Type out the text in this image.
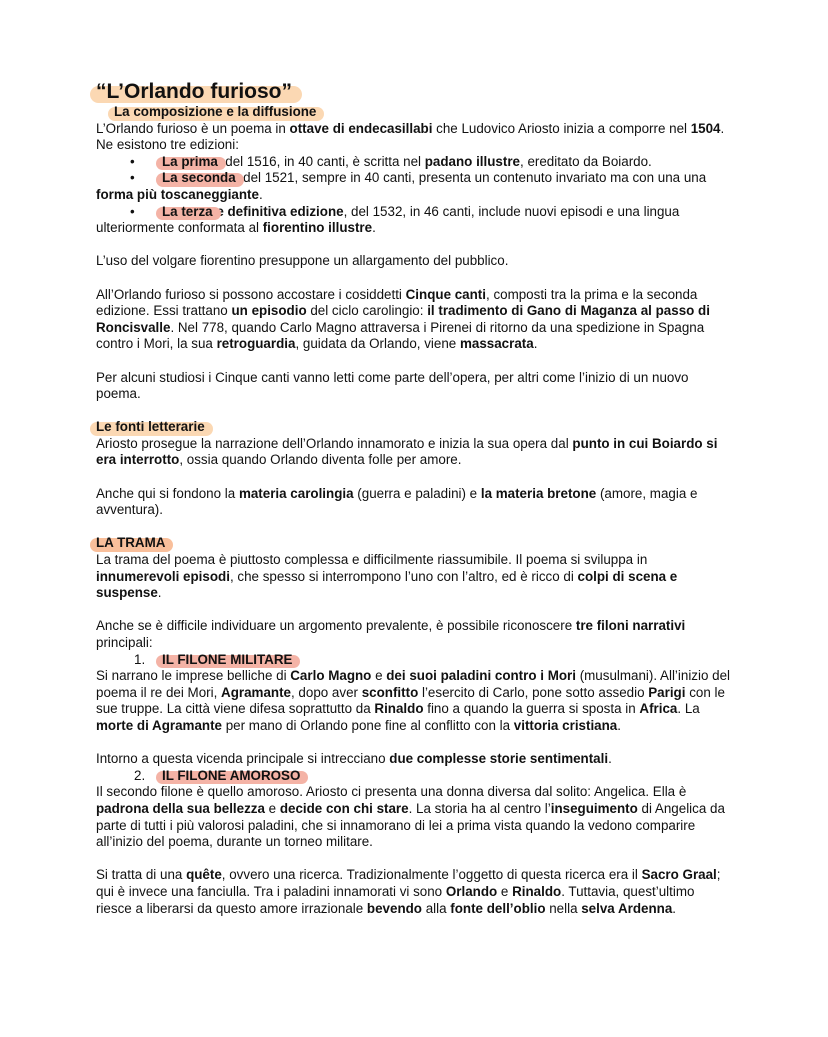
“L’Orlando furioso”
La composizione e la diffusione

L’Orlando furioso è un poema in ottave di endecasillabi che Ludovico Ariosto inizia a comporre nel 1504. Ne esistono tre edizioni:

• La prima, del 1516, in 40 canti, è scritta nel padano illustre, ereditato da Boiardo.
• La seconda, del 1521, sempre in 40 canti, presenta un contenuto invariato ma con una una forma più toscaneggiante.
• La terza e definitiva edizione, del 1532, in 46 canti, include nuovi episodi e una lingua ulteriormente conformata al fiorentino illustre.

L’uso del volgare fiorentino presuppone un allargamento del pubblico.

All’Orlando furioso si possono accostare i cosiddetti Cinque canti, composti tra la prima e la seconda edizione. Essi trattano un episodio del ciclo carolingio: il tradimento di Gano di Maganza al passo di Roncisvalle. Nel 778, quando Carlo Magno attraversa i Pirenei di ritorno da una spedizione in Spagna contro i Mori, la sua retroguardia, guidata da Orlando, viene massacrata.

Per alcuni studiosi i Cinque canti vanno letti come parte dell’opera, per altri come l’inizio di un nuovo poema.

Le fonti letterarie

Ariosto prosegue la narrazione dell’Orlando innamorato e inizia la sua opera dal punto in cui Boiardo si era interrotto, ossia quando Orlando diventa folle per amore.

Anche qui si fondono la materia carolingia (guerra e paladini) e la materia bretone (amore, magia e avventura).

LA TRAMA

La trama del poema è piuttosto complessa e difficilmente riassumibile. Il poema si sviluppa in innumerevoli episodi, che spesso si interrompono l’uno con l’altro, ed è ricco di colpi di scena e suspense.

Anche se è difficile individuare un argomento prevalente, è possibile riconoscere tre filoni narrativi principali:

1. IL FILONE MILITARE

Si narrano le imprese belliche di Carlo Magno e dei suoi paladini contro i Mori (musulmani). All’inizio del poema il re dei Mori, Agramante, dopo aver sconfitto l’esercito di Carlo, pone sotto assedio Parigi con le sue truppe. La città viene difesa soprattutto da Rinaldo fino a quando la guerra si sposta in Africa. La morte di Agramante per mano di Orlando pone fine al conflitto con la vittoria cristiana.

Intorno a questa vicenda principale si intrecciano due complesse storie sentimentali.

2. IL FILONE AMOROSO

Il secondo filone è quello amoroso. Ariosto ci presenta una donna diversa dal solito: Angelica. Ella è padrona della sua bellezza e decide con chi stare. La storia ha al centro l’inseguimento di Angelica da parte di tutti i più valorosi paladini, che si innamorano di lei a prima vista quando la vedono comparire all’inizio del poema, durante un torneo militare.

Si tratta di una quête, ovvero una ricerca. Tradizionalmente l’oggetto di questa ricerca era il Sacro Graal; qui è invece una fanciulla. Tra i paladini innamorati vi sono Orlando e Rinaldo. Tuttavia, quest’ultimo riesce a liberarsi da questo amore irrazionale bevendo alla fonte dell’oblio nella selva Ardenna.
